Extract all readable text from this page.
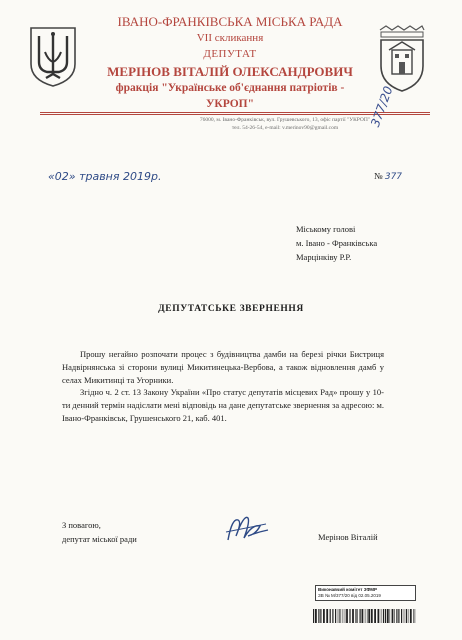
ІВАНО-ФРАНКІВСЬКА МІСЬКА РАДА
VII скликання
ДЕПУТАТ
МЕРІНОВ ВІТАЛІЙ ОЛЕКСАНДРОВИЧ
фракція "Українське об'єднання патріотів - УКРОП"
76000, м. Івано-Франківськ, вул. Грушевського, 13, офіс партії "УКРОП"
тел. 54-26-54, e-mail: v.merinov90@gmail.com	377/20
«02» травня 2019р.	№ 377
Міському голові
м. Івано - Франківська
Марцінківу Р.Р.
ДЕПУТАТСЬКЕ ЗВЕРНЕННЯ

Прошу негайно розпочати процес з будівництва дамби на березі річки Бистриця Надвірнянська зі сторони вулиці Микитинецька-Вербова, а також відновлення дамб у селах Микитинці та Угорники.

Згідно ч. 2 ст. 13 Закону України «Про статус депутатів місцевих Рад» прошу у 10-ти денний термін надіслати мені відповідь на дане депутатське звернення за адресою: м. Івано-Франківськ, Грушенського 21, каб. 401.

З повагою,
депутат міської ради	Мерінов Віталій
Виконавчий комітет ЗФМР
ЗВ № М/377/20 від 02.05.2019
